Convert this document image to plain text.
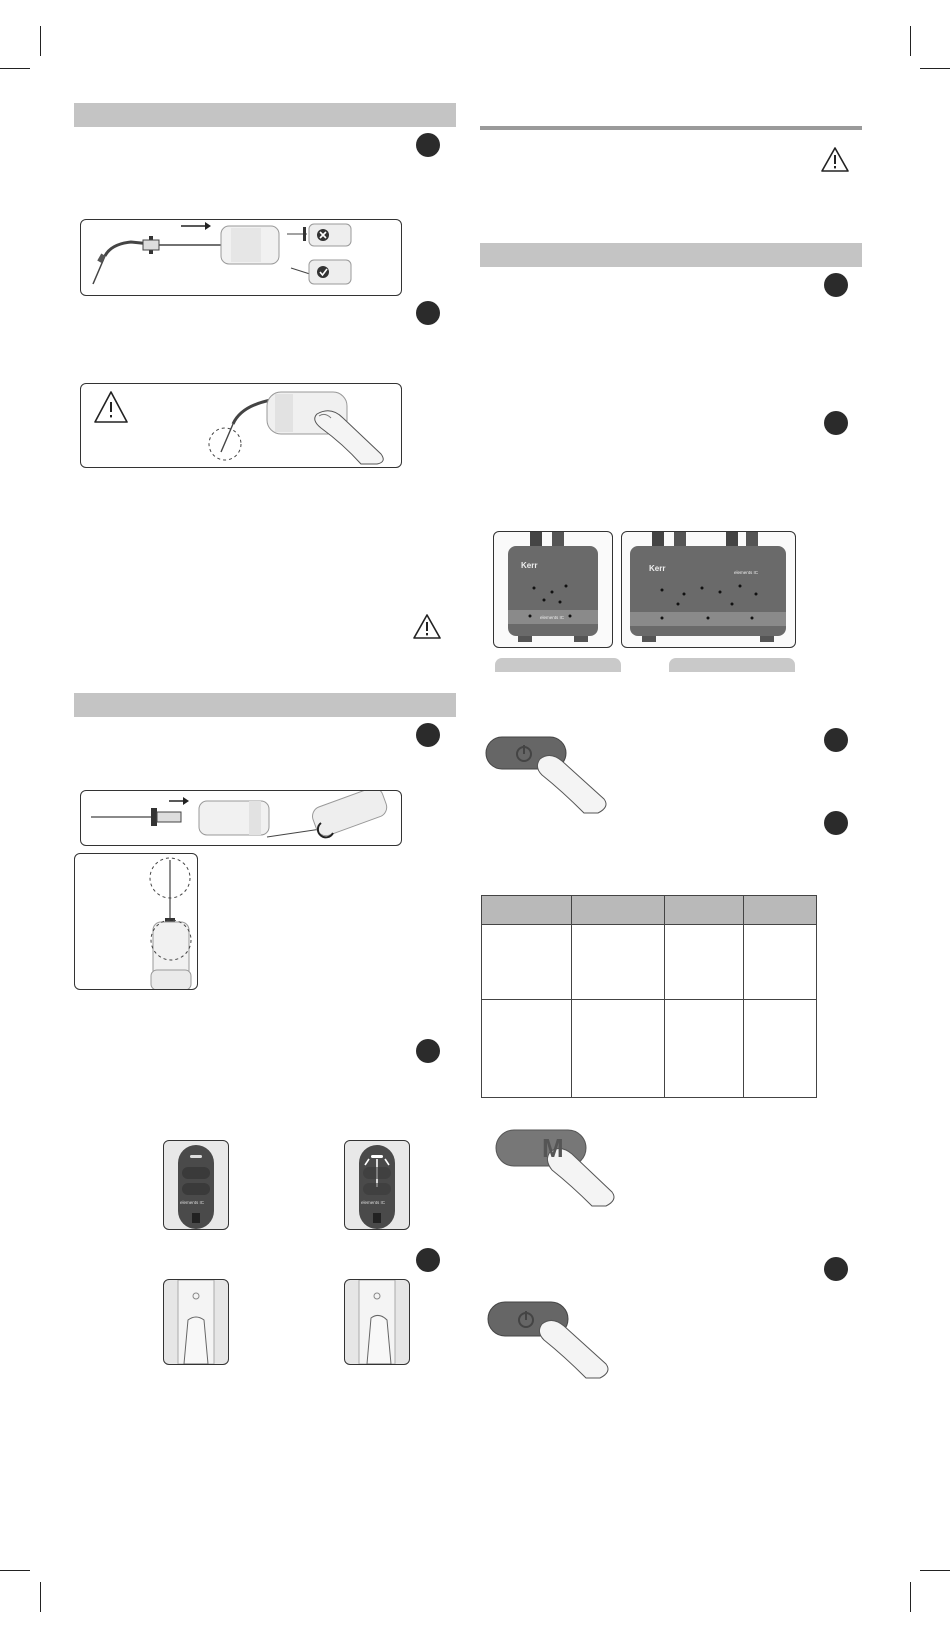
elements IC	elements IC
Kerr
elements IC
Kerr	elements IC

M
